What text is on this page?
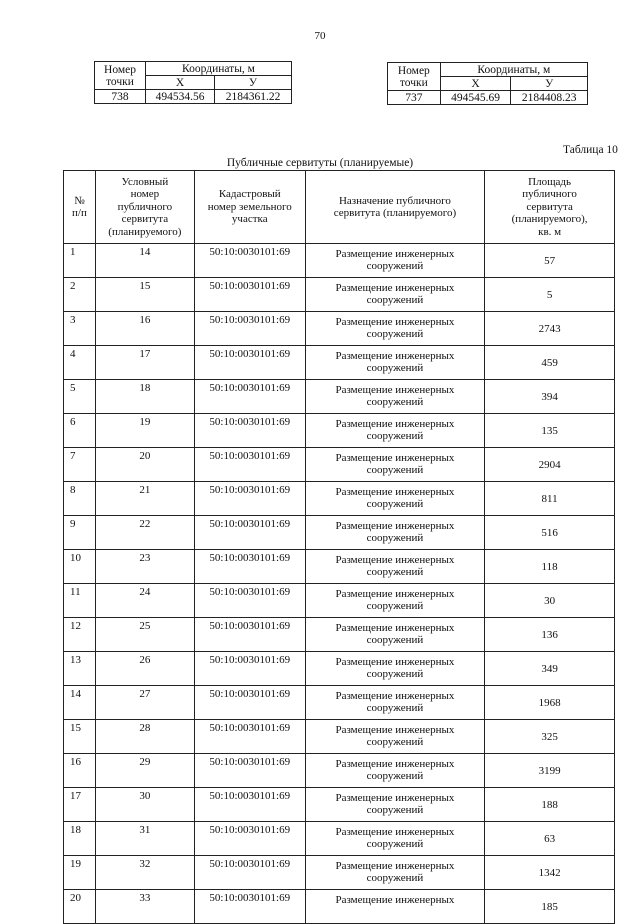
70
Номер
точки	Координаты, м	
	X	У
738	494534.56	2184361.22
Номер
точки	Координаты, м	
	X	У
737	494545.69	2184408.23
Таблица 10
Публичные сервитуты (планируемые)
№
п/п	Условный
номер
публичного
сервитута
(планируемого)	Кадастровый
номер земельного
участка	Назначение публичного
сервитута (планируемого)	Площадь
публичного
сервитута
(планируемого),
кв. м
1	14	50:10:0030101:69	Размещение инженерных
сооружений	57
2	15	50:10:0030101:69	Размещение инженерных
сооружений	5
3	16	50:10:0030101:69	Размещение инженерных
сооружений	2743
4	17	50:10:0030101:69	Размещение инженерных
сооружений	459
5	18	50:10:0030101:69	Размещение инженерных
сооружений	394
6	19	50:10:0030101:69	Размещение инженерных
сооружений	135
7	20	50:10:0030101:69	Размещение инженерных
сооружений	2904
8	21	50:10:0030101:69	Размещение инженерных
сооружений	811
9	22	50:10:0030101:69	Размещение инженерных
сооружений	516
10	23	50:10:0030101:69	Размещение инженерных
сооружений	118
11	24	50:10:0030101:69	Размещение инженерных
сооружений	30
12	25	50:10:0030101:69	Размещение инженерных
сооружений	136
13	26	50:10:0030101:69	Размещение инженерных
сооружений	349
14	27	50:10:0030101:69	Размещение инженерных
сооружений	1968
15	28	50:10:0030101:69	Размещение инженерных
сооружений	325
16	29	50:10:0030101:69	Размещение инженерных
сооружений	3199
17	30	50:10:0030101:69	Размещение инженерных
сооружений	188
18	31	50:10:0030101:69	Размещение инженерных
сооружений	63
19	32	50:10:0030101:69	Размещение инженерных
сооружений	1342
20	33	50:10:0030101:69	Размещение инженерных	185
